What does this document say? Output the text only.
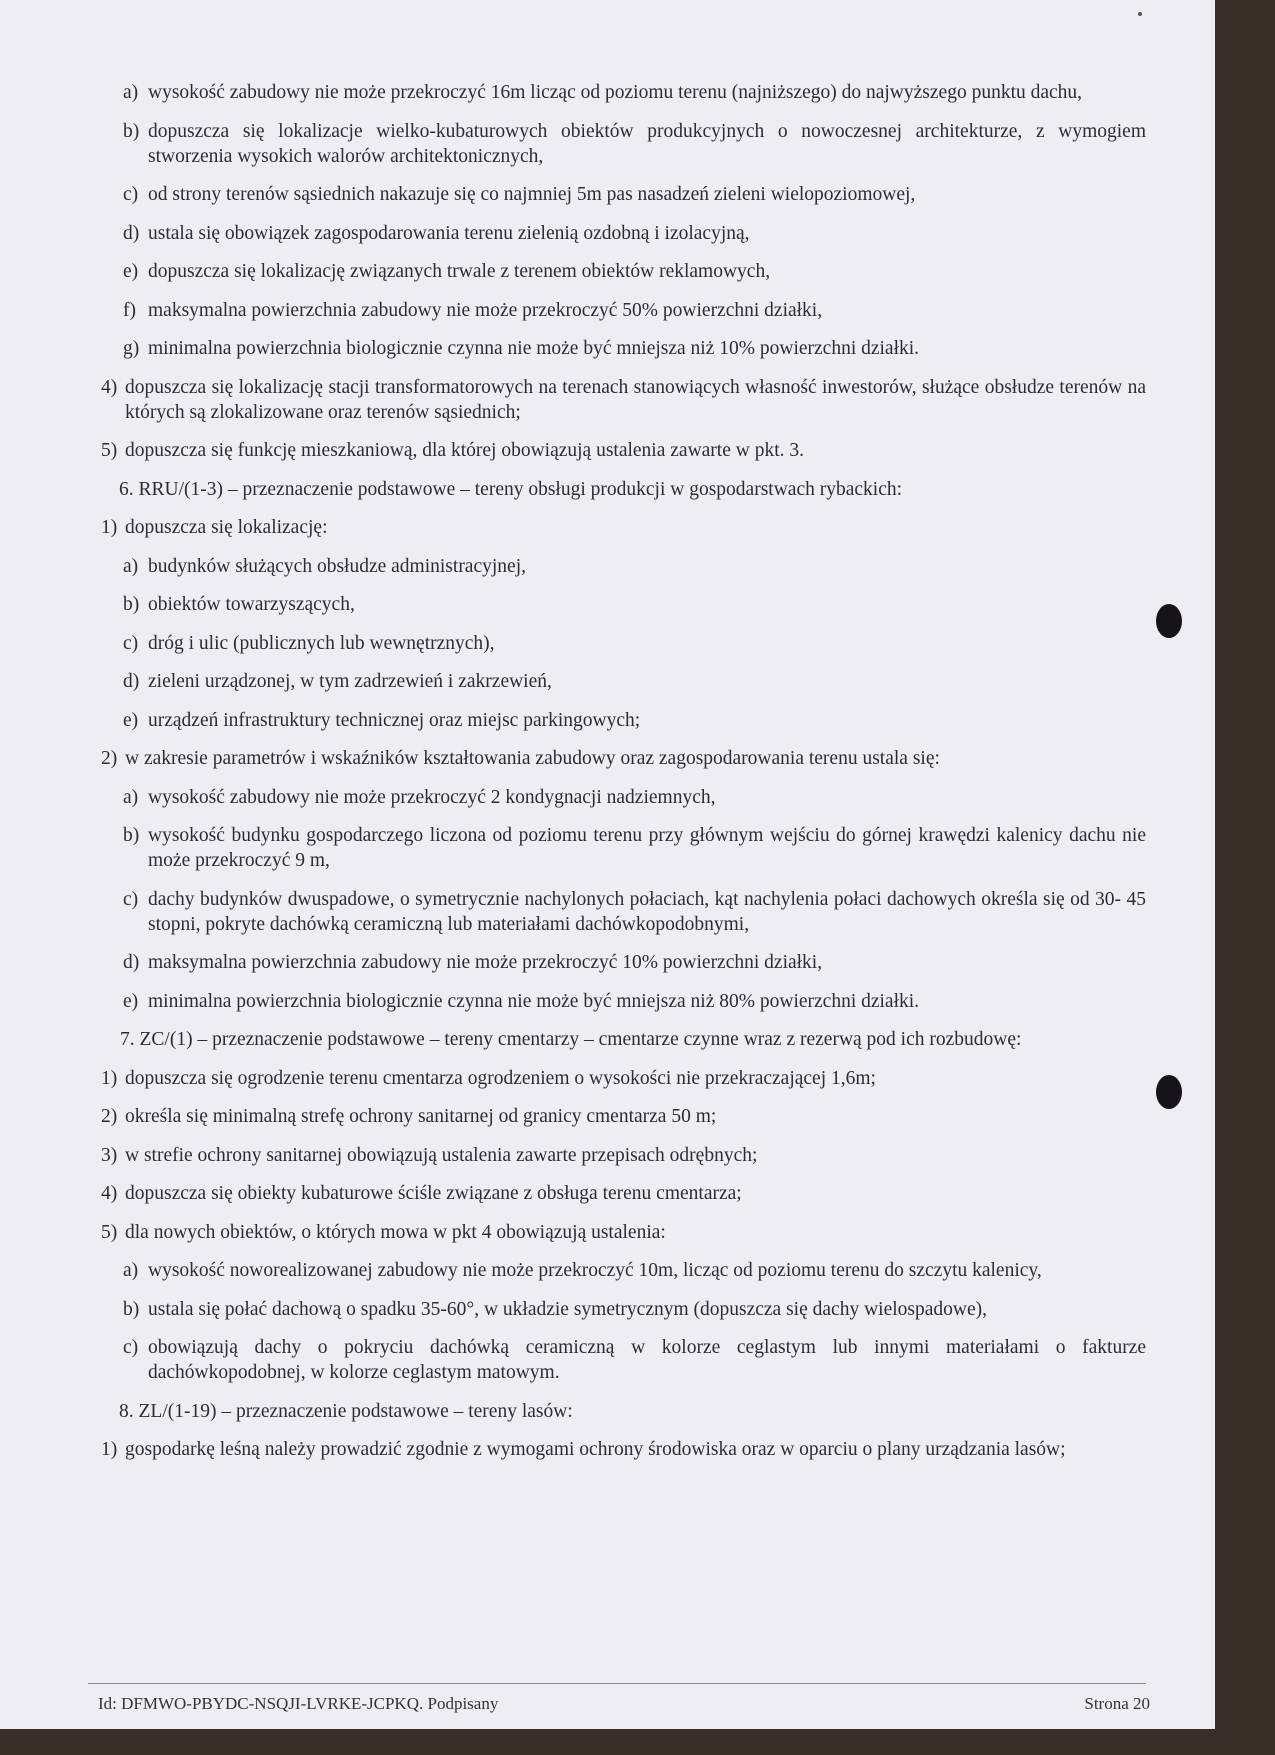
a) wysokość zabudowy nie może przekroczyć 16m licząc od poziomu terenu (najniższego) do najwyższego punktu dachu,
b) dopuszcza się lokalizacje wielko-kubaturowych obiektów produkcyjnych o nowoczesnej architekturze, z wymogiem stworzenia wysokich walorów architektonicznych,
c) od strony terenów sąsiednich nakazuje się co najmniej 5m pas nasadzeń zieleni wielopoziomowej,
d) ustala się obowiązek zagospodarowania terenu zielenią ozdobną i izolacyjną,
e) dopuszcza się lokalizację związanych trwale z terenem obiektów reklamowych,
f) maksymalna powierzchnia zabudowy nie może przekroczyć 50% powierzchni działki,
g) minimalna powierzchnia biologicznie czynna nie może być mniejsza niż 10% powierzchni działki.
4) dopuszcza się lokalizację stacji transformatorowych na terenach stanowiących własność inwestorów, służące obsłudze terenów na których są zlokalizowane oraz terenów sąsiednich;
5) dopuszcza się funkcję mieszkaniową, dla której obowiązują ustalenia zawarte w pkt. 3.
6. RRU/(1-3) – przeznaczenie podstawowe – tereny obsługi produkcji w gospodarstwach rybackich:
1) dopuszcza się lokalizację:
a) budynków służących obsłudze administracyjnej,
b) obiektów towarzyszących,
c) dróg i ulic (publicznych lub wewnętrznych),
d) zieleni urządzonej, w tym zadrzewień i zakrzewień,
e) urządzeń infrastruktury technicznej oraz miejsc parkingowych;
2) w zakresie parametrów i wskaźników kształtowania zabudowy oraz zagospodarowania terenu ustala się:
a) wysokość zabudowy nie może przekroczyć 2 kondygnacji nadziemnych,
b) wysokość budynku gospodarczego liczona od poziomu terenu przy głównym wejściu do górnej krawędzi kalenicy dachu nie może przekroczyć 9 m,
c) dachy budynków dwuspadowe, o symetrycznie nachylonych połaciach, kąt nachylenia połaci dachowych określa się od 30- 45 stopni, pokryte dachówką ceramiczną lub materiałami dachówkopodobnymi,
d) maksymalna powierzchnia zabudowy nie może przekroczyć 10% powierzchni działki,
e) minimalna powierzchnia biologicznie czynna nie może być mniejsza niż 80% powierzchni działki.
7. ZC/(1) – przeznaczenie podstawowe – tereny cmentarzy – cmentarze czynne wraz z rezerwą pod ich rozbudowę:
1) dopuszcza się ogrodzenie terenu cmentarza ogrodzeniem o wysokości nie przekraczającej 1,6m;
2) określa się minimalną strefę ochrony sanitarnej od granicy cmentarza 50 m;
3) w strefie ochrony sanitarnej obowiązują ustalenia zawarte przepisach odrębnych;
4) dopuszcza się obiekty kubaturowe ściśle związane z obsługa terenu cmentarza;
5) dla nowych obiektów, o których mowa w pkt 4 obowiązują ustalenia:
a) wysokość noworealizowanej zabudowy nie może przekroczyć 10m, licząc od poziomu terenu do szczytu kalenicy,
b) ustala się połać dachową o spadku 35-60°, w układzie symetrycznym (dopuszcza się dachy wielospadowe),
c) obowiązują dachy o pokryciu dachówką ceramiczną w kolorze ceglastym lub innymi materiałami o fakturze dachówkopodobnej, w kolorze ceglastym matowym.
8. ZL/(1-19) – przeznaczenie podstawowe – tereny lasów:
1) gospodarkę leśną należy prowadzić zgodnie z wymogami ochrony środowiska oraz w oparciu o plany urządzania lasów;
Id: DFMWO-PBYDC-NSQJI-LVRKE-JCPKQ. Podpisany	Strona 20
